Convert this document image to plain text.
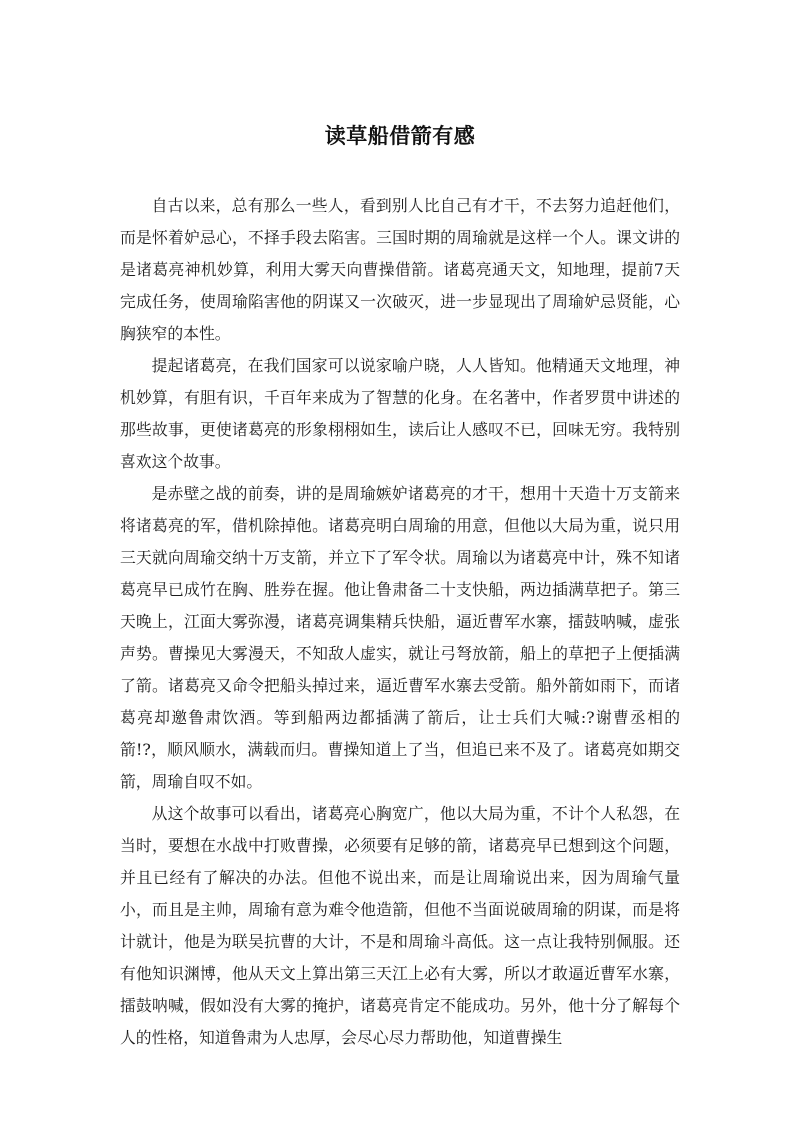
读草船借箭有感

自古以来，总有那么一些人，看到别人比自己有才干，不去努力追赶他们，而是怀着妒忌心，不择手段去陷害。三国时期的周瑜就是这样一个人。课文讲的是诸葛亮神机妙算，利用大雾天向曹操借箭。诸葛亮通天文，知地理，提前7天完成任务，使周瑜陷害他的阴谋又一次破灭，进一步显现出了周瑜妒忌贤能，心胸狭窄的本性。

提起诸葛亮，在我们国家可以说家喻户晓，人人皆知。他精通天文地理，神机妙算，有胆有识，千百年来成为了智慧的化身。在名著中，作者罗贯中讲述的那些故事，更使诸葛亮的形象栩栩如生，读后让人感叹不已，回味无穷。我特别喜欢这个故事。

是赤壁之战的前奏，讲的是周瑜嫉妒诸葛亮的才干，想用十天造十万支箭来将诸葛亮的军，借机除掉他。诸葛亮明白周瑜的用意，但他以大局为重，说只用三天就向周瑜交纳十万支箭，并立下了军令状。周瑜以为诸葛亮中计，殊不知诸葛亮早已成竹在胸、胜券在握。他让鲁肃备二十支快船，两边插满草把子。第三天晚上，江面大雾弥漫，诸葛亮调集精兵快船，逼近曹军水寨，擂鼓呐喊，虚张声势。曹操见大雾漫天，不知敌人虚实，就让弓弩放箭，船上的草把子上便插满了箭。诸葛亮又命令把船头掉过来，逼近曹军水寨去受箭。船外箭如雨下，而诸葛亮却邀鲁肃饮酒。等到船两边都插满了箭后，让士兵们大喊:?谢曹丞相的箭!?，顺风顺水，满载而归。曹操知道上了当，但追已来不及了。诸葛亮如期交箭，周瑜自叹不如。

从这个故事可以看出，诸葛亮心胸宽广，他以大局为重，不计个人私怨，在当时，要想在水战中打败曹操，必须要有足够的箭，诸葛亮早已想到这个问题，并且已经有了解决的办法。但他不说出来，而是让周瑜说出来，因为周瑜气量小，而且是主帅，周瑜有意为难令他造箭，但他不当面说破周瑜的阴谋，而是将计就计，他是为联吴抗曹的大计，不是和周瑜斗高低。这一点让我特别佩服。还有他知识渊博，他从天文上算出第三天江上必有大雾，所以才敢逼近曹军水寨，擂鼓呐喊，假如没有大雾的掩护，诸葛亮肯定不能成功。另外，他十分了解每个人的性格，知道鲁肃为人忠厚，会尽心尽力帮助他，知道曹操生
